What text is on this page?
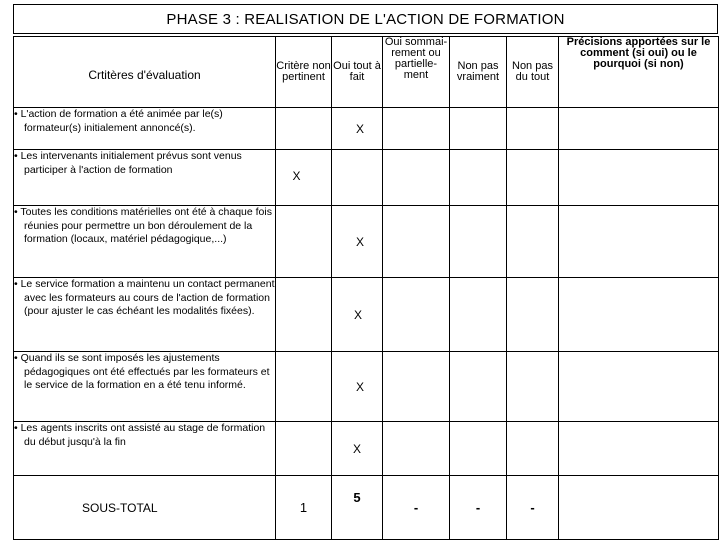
PHASE 3 : REALISATION DE L'ACTION DE FORMATION
Crtitères d'évaluation	Critère non pertinent	Oui tout à fait	Oui sommai-rement ou partielle-ment	Non pas vraiment	Non pas du tout	Précisions apportées sur le comment (si oui) ou le pourquoi (si non)

• L'action de formation a été animée par le(s) formateur(s) initialement annoncé(s).		X				

• Les intervenants initialement prévus sont venus participer à l'action de formation	X					

• Toutes les conditions matérielles ont été à chaque fois réunies pour permettre un bon déroulement de la formation (locaux, matériel pédagogique,...)		X				

• Le service formation a maintenu un contact permanent avec les formateurs au cours de l'action de formation (pour ajuster le cas échéant les modalités fixées).		X				

• Quand ils se sont imposés les ajustements pédagogiques ont été effectués par les formateurs et le service de la formation en a été tenu informé.		X				

• Les agents inscrits ont assisté au stage de formation du début jusqu'à la fin		X				
SOUS-TOTAL	1	5	-	-	-	
